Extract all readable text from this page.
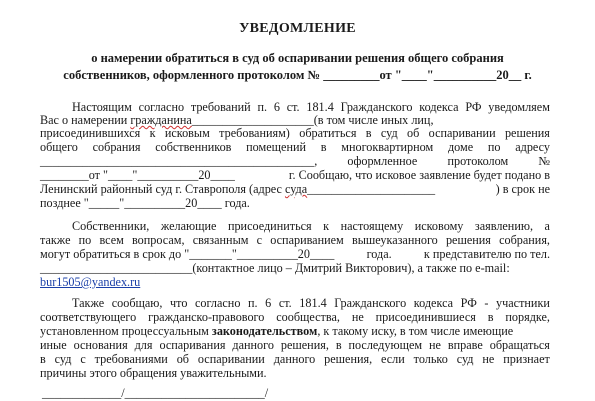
УВЕДОМЛЕНИЕ
о намерении обратиться в суд об оспаривании решения общего собрания
собственников, оформленного протоколом № _________от "____"__________20__ г.
Настоящим согласно требований п. 6 ст. 181.4 Гражданского кодекса РФ уведомляем
Вас о намерении гражданина____________________(в том числе иных лиц,
присоединившихся к исковым требованиям) обратиться в суд об оспаривании решения
общего собрания собственников помещений в многоквартирном доме по адресу
_____________________________________________, оформленное протоколом №
________от "____"__________20____	г. Сообщаю, что исковое заявление будет подано в
Ленинский районный суд г. Ставрополя (адрес суда_____________________	) в срок не
позднее "_____"__________20____ года.
Собственники, желающие присоединиться к настоящему исковому заявлению, а
также по всем вопросам, связанным с оспариванием вышеуказанного решения собрания,
могут обратиться в срок до "_______"__________20____	года.	к представителю по тел.
_________________________(контактное лицо – Дмитрий Викторович), а также по e-mail:
bur1505@yandex.ru
Также сообщаю, что согласно п. 6 ст. 181.4 Гражданского кодекса РФ - участники
соответствующего гражданско-правового сообщества, не присоединившиеся в порядке,
установленном процессуальным законодательством, к такому иску, в том числе имеющие
иные основания для оспаривания данного решения, в последующем не вправе обращаться
в суд с требованиями об оспаривании данного решения, если только суд не признает
причины этого обращения уважительными.
_____________/_______________________/
